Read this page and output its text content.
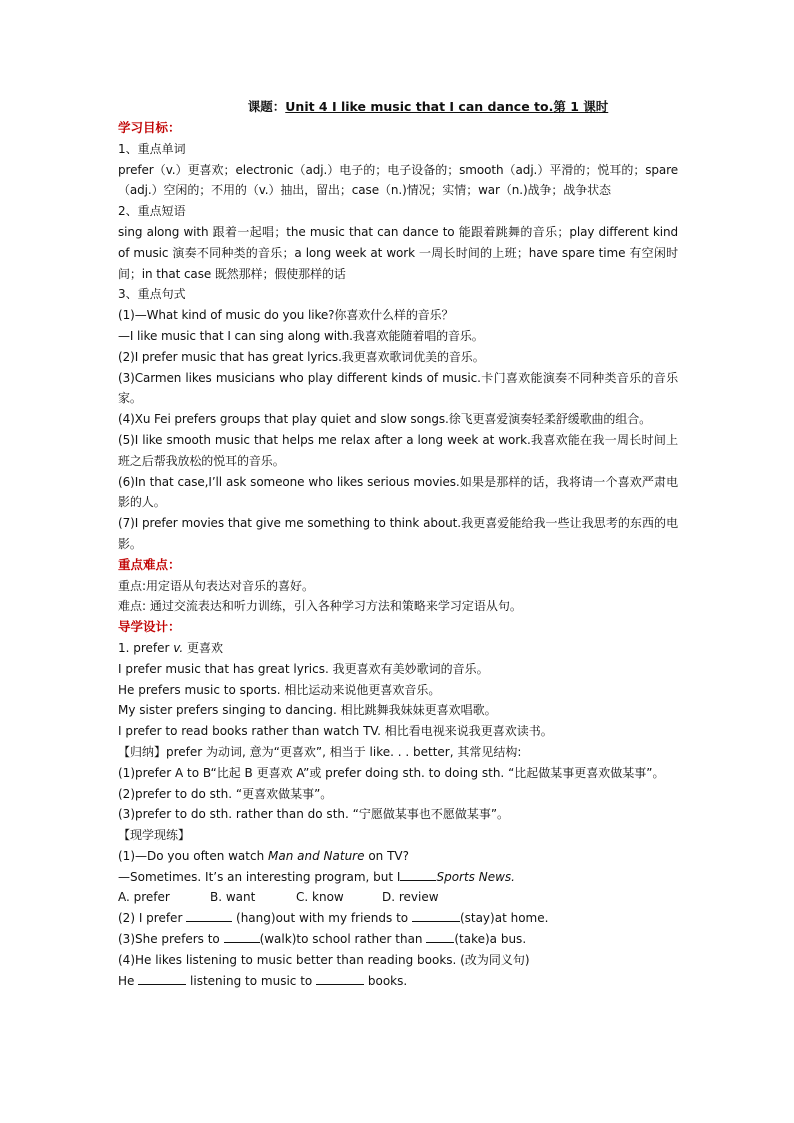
课题：Unit 4 I like music that I can dance to.第 1 课时
学习目标：
1、重点单词
prefer（v.）更喜欢；electronic（adj.）电子的；电子设备的；smooth（adj.）平滑的；悦耳的；spare（adj.）空闲的；不用的（v.）抽出，留出；case（n.)情况；实情；war（n.)战争；战争状态
2、重点短语
sing along with 跟着一起唱；the music that can dance to 能跟着跳舞的音乐；play different kind of music 演奏不同种类的音乐；a long week at work 一周长时间的上班；have spare time 有空闲时间；in that case 既然那样；假使那样的话
3、重点句式
(1)—What kind of music do you like?你喜欢什么样的音乐？
—I like music that I can sing along with.我喜欢能随着唱的音乐。
(2)I prefer music that has great lyrics.我更喜欢歌词优美的音乐。
(3)Carmen likes musicians who play different kinds of music.卡门喜欢能演奏不同种类音乐的音乐家。
(4)Xu Fei prefers groups that play quiet and slow songs.徐飞更喜爱演奏轻柔舒缓歌曲的组合。
(5)I like smooth music that helps me relax after a long week at work.我喜欢能在我一周长时间上班之后帮我放松的悦耳的音乐。
(6)In that case,I’ll ask someone who likes serious movies.如果是那样的话，我将请一个喜欢严肃电影的人。
(7)I prefer movies that give me something to think about.我更喜爱能给我一些让我思考的东西的电影。
重点难点：
重点:用定语从句表达对音乐的喜好。
难点: 通过交流表达和听力训练，引入各种学习方法和策略来学习定语从句。
导学设计：
1. prefer v. 更喜欢
I prefer music that has great lyrics. 我更喜欢有美妙歌词的音乐。
He prefers music to sports. 相比运动来说他更喜欢音乐。
My sister prefers singing to dancing. 相比跳舞我妹妹更喜欢唱歌。
I prefer to read books rather than watch TV. 相比看电视来说我更喜欢读书。
【归纳】prefer 为动词, 意为“更喜欢”, 相当于 like. . . better, 其常见结构:
(1)prefer A to B“比起 B 更喜欢 A”或 prefer doing sth. to doing sth. “比起做某事更喜欢做某事”。
(2)prefer to do sth. “更喜欢做某事”。
(3)prefer to do sth. rather than do sth. “宁愿做某事也不愿做某事”。
【现学现练】
(1)—Do you often watch Man and Nature on TV?
—Sometimes. It’s an interesting program, but I	Sports News.
A. prefer	B. want	C. know	D. review
(2) I prefer	(hang)out with my friends to	(stay)at home.
(3)She prefers to	(walk)to school rather than (take)a bus.
(4)He likes listening to music better than reading books. (改为同义句)
He	listening to music to	books.
